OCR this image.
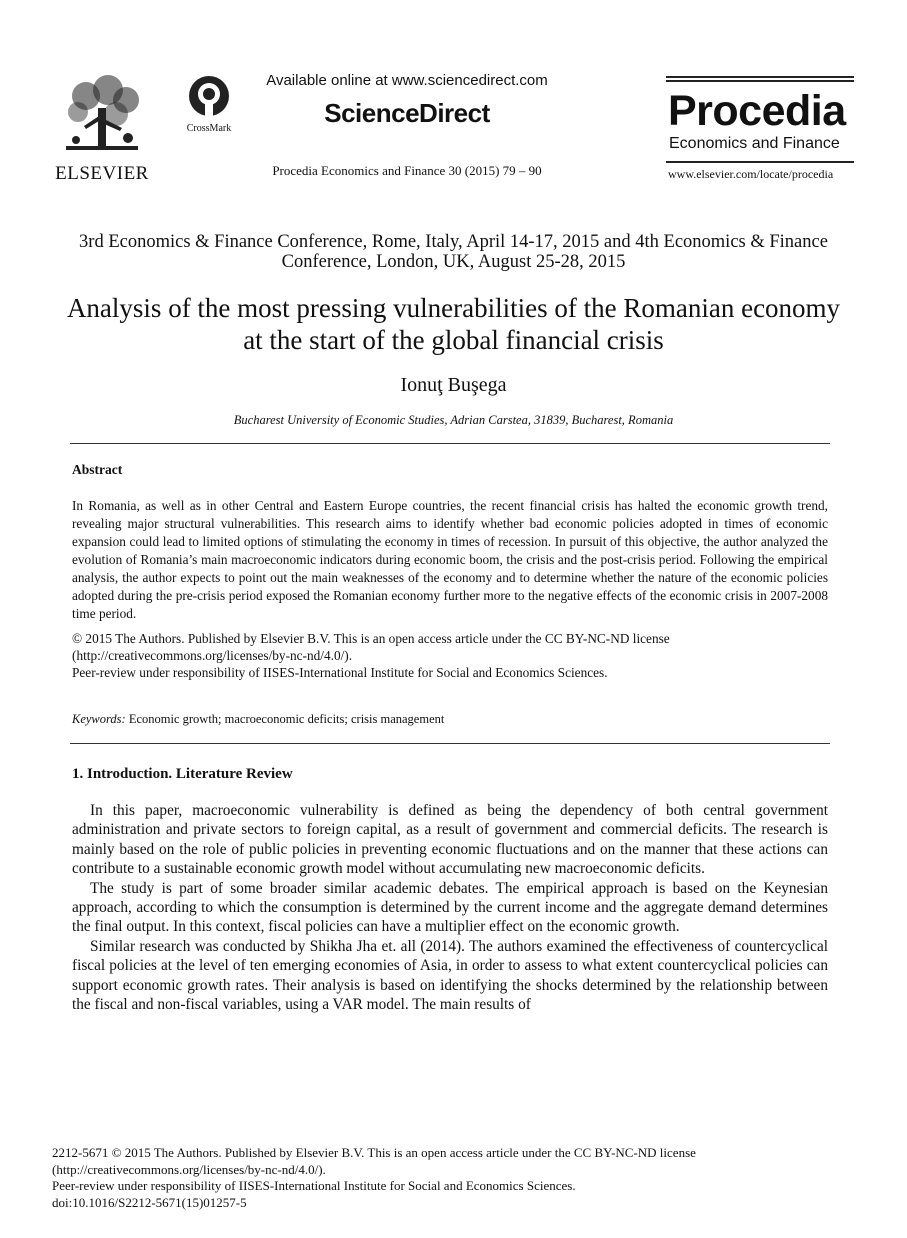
ELSEVIER
CrossMark
Available online at www.sciencedirect.com
ScienceDirect
Procedia Economics and Finance 30 (2015) 79 – 90
Procedia
Economics and Finance
www.elsevier.com/locate/procedia
3rd Economics & Finance Conference, Rome, Italy, April 14-17, 2015 and 4th Economics & Finance Conference, London, UK, August 25-28, 2015
Analysis of the most pressing vulnerabilities of the Romanian economy at the start of the global financial crisis
Ionuţ Buşega
Bucharest University of Economic Studies, Adrian Carstea, 31839, Bucharest, Romania
Abstract
In Romania, as well as in other Central and Eastern Europe countries, the recent financial crisis has halted the economic growth trend, revealing major structural vulnerabilities. This research aims to identify whether bad economic policies adopted in times of economic expansion could lead to limited options of stimulating the economy in times of recession. In pursuit of this objective, the author analyzed the evolution of Romania’s main macroeconomic indicators during economic boom, the crisis and the post-crisis period. Following the empirical analysis, the author expects to point out the main weaknesses of the economy and to determine whether the nature of the economic policies adopted during the pre-crisis period exposed the Romanian economy further more to the negative effects of the economic crisis in 2007-2008 time period.
© 2015 The Authors. Published by Elsevier B.V. This is an open access article under the CC BY-NC-ND license
(http://creativecommons.org/licenses/by-nc-nd/4.0/).
Peer-review under responsibility of IISES-International Institute for Social and Economics Sciences.
Keywords: Economic growth; macroeconomic deficits; crisis management
1. Introduction. Literature Review

In this paper, macroeconomic vulnerability is defined as being the dependency of both central government administration and private sectors to foreign capital, as a result of government and commercial deficits. The research is mainly based on the role of public policies in preventing economic fluctuations and on the manner that these actions can contribute to a sustainable economic growth model without accumulating new macroeconomic deficits.

The study is part of some broader similar academic debates. The empirical approach is based on the Keynesian approach, according to which the consumption is determined by the current income and the aggregate demand determines the final output. In this context, fiscal policies can have a multiplier effect on the economic growth.

Similar research was conducted by Shikha Jha et. all (2014). The authors examined the effectiveness of countercyclical fiscal policies at the level of ten emerging economies of Asia, in order to assess to what extent countercyclical policies can support economic growth rates. Their analysis is based on identifying the shocks determined by the relationship between the fiscal and non-fiscal variables, using a VAR model. The main results of

2212-5671 © 2015 The Authors. Published by Elsevier B.V. This is an open access article under the CC BY-NC-ND license
(http://creativecommons.org/licenses/by-nc-nd/4.0/).
Peer-review under responsibility of IISES-International Institute for Social and Economics Sciences.
doi:10.1016/S2212-5671(15)01257-5
